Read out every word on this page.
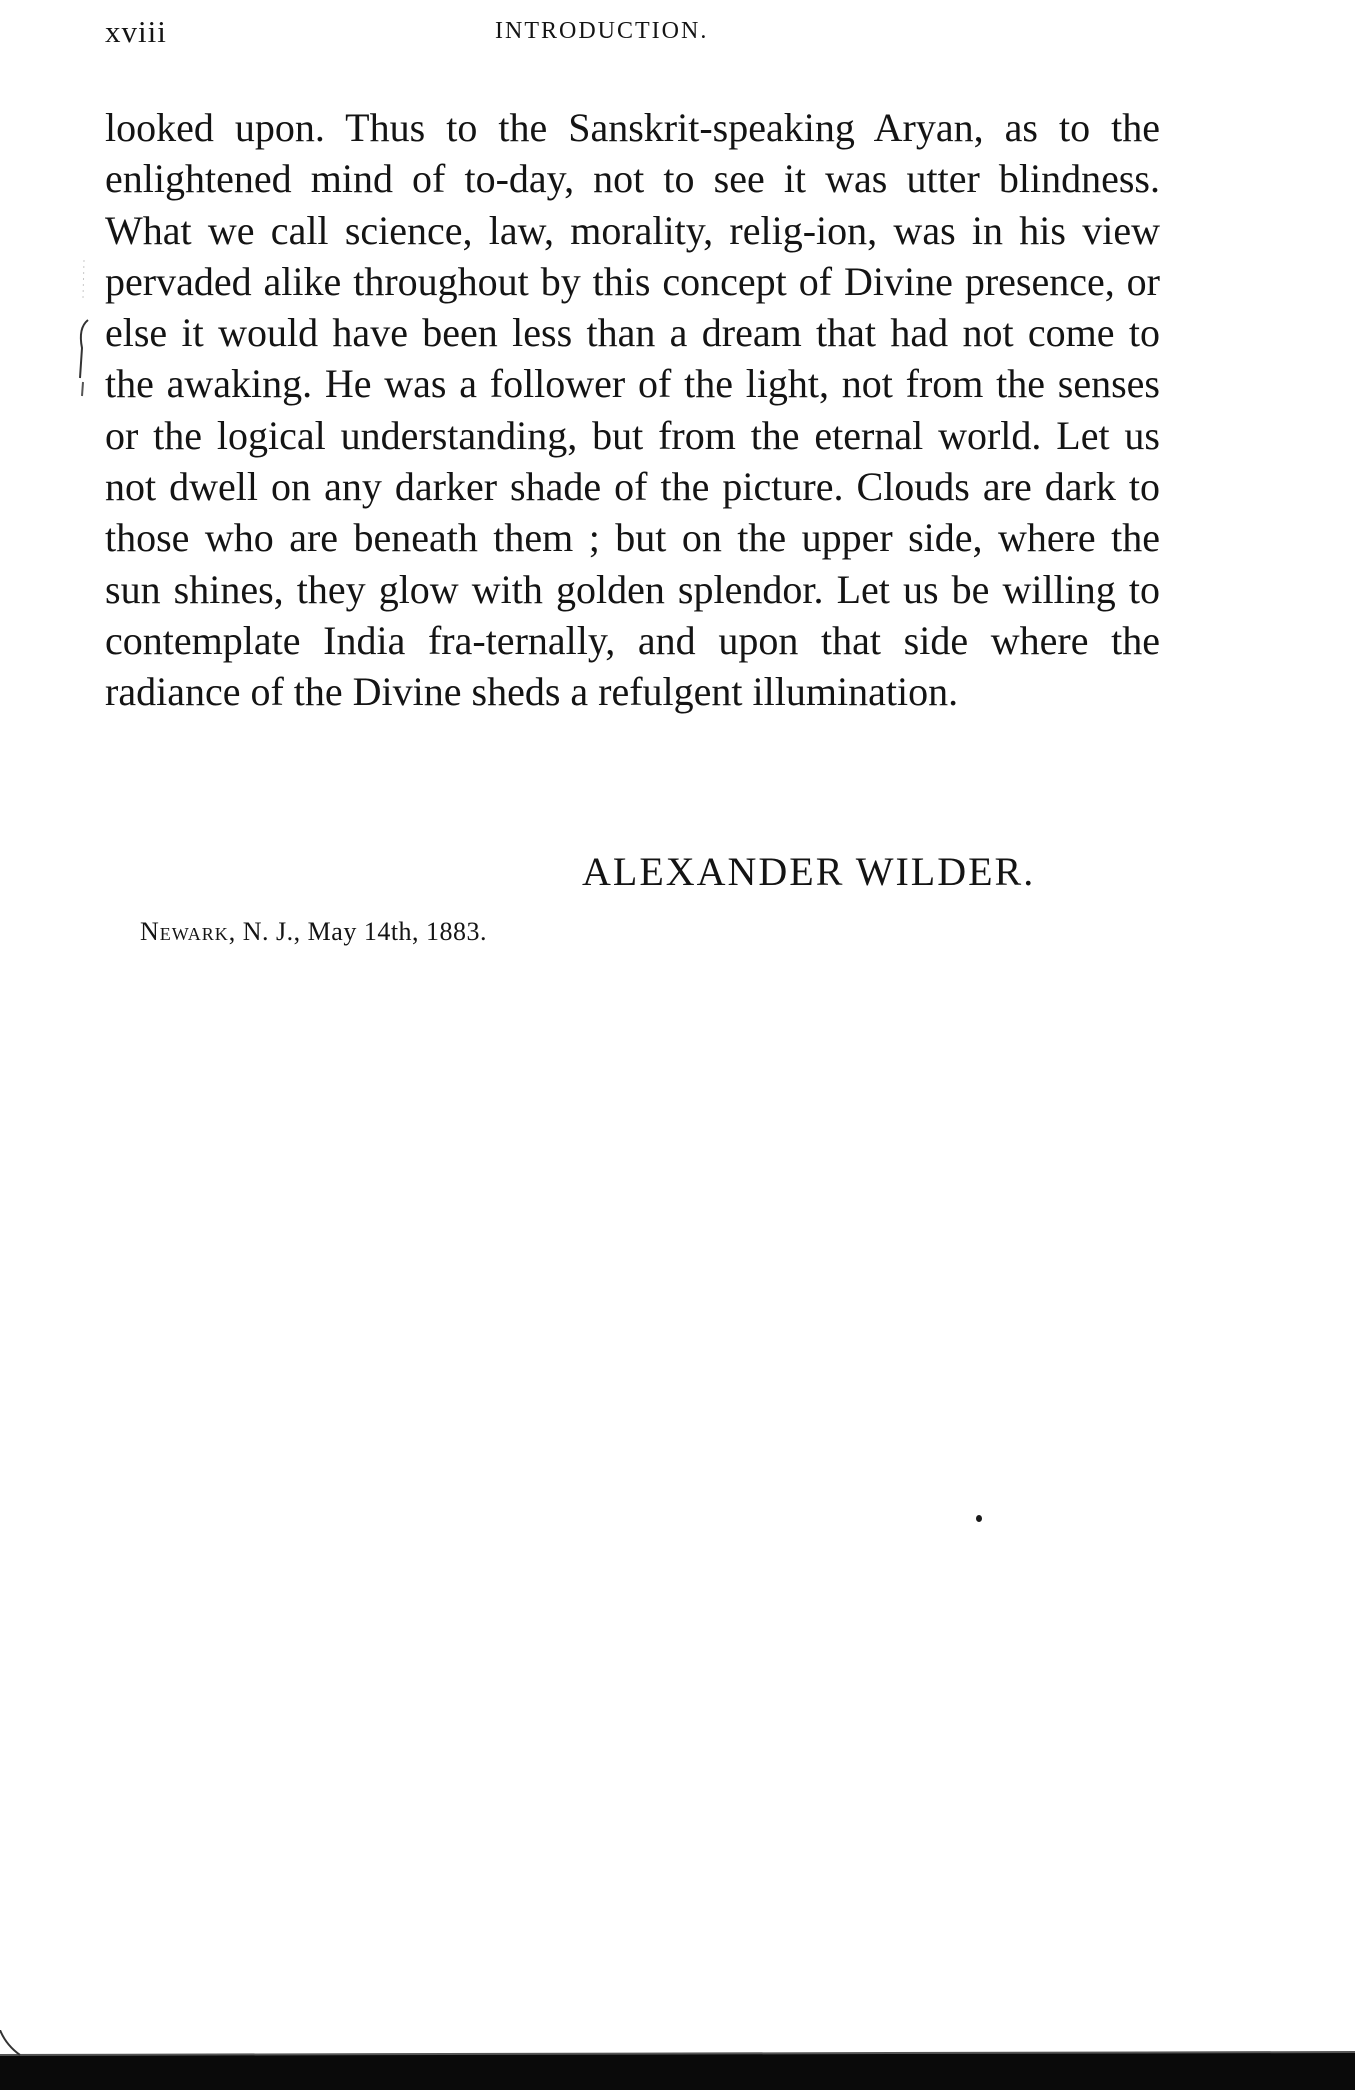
xviii	INTRODUCTION.

looked upon. Thus to the Sanskrit-speaking Aryan, as to the enlightened mind of to-day, not to see it was utter blindness. What we call science, law, morality, relig-ion, was in his view pervaded alike throughout by this concept of Divine presence, or else it would have been less than a dream that had not come to the awaking. He was a follower of the light, not from the senses or the logical understanding, but from the eternal world. Let us not dwell on any darker shade of the picture. Clouds are dark to those who are beneath them ; but on the upper side, where the sun shines, they glow with golden splendor. Let us be willing to contemplate India fra-ternally, and upon that side where the radiance of the Divine sheds a refulgent illumination.

ALEXANDER WILDER.
Newark, N. J., May 14th, 1883.
